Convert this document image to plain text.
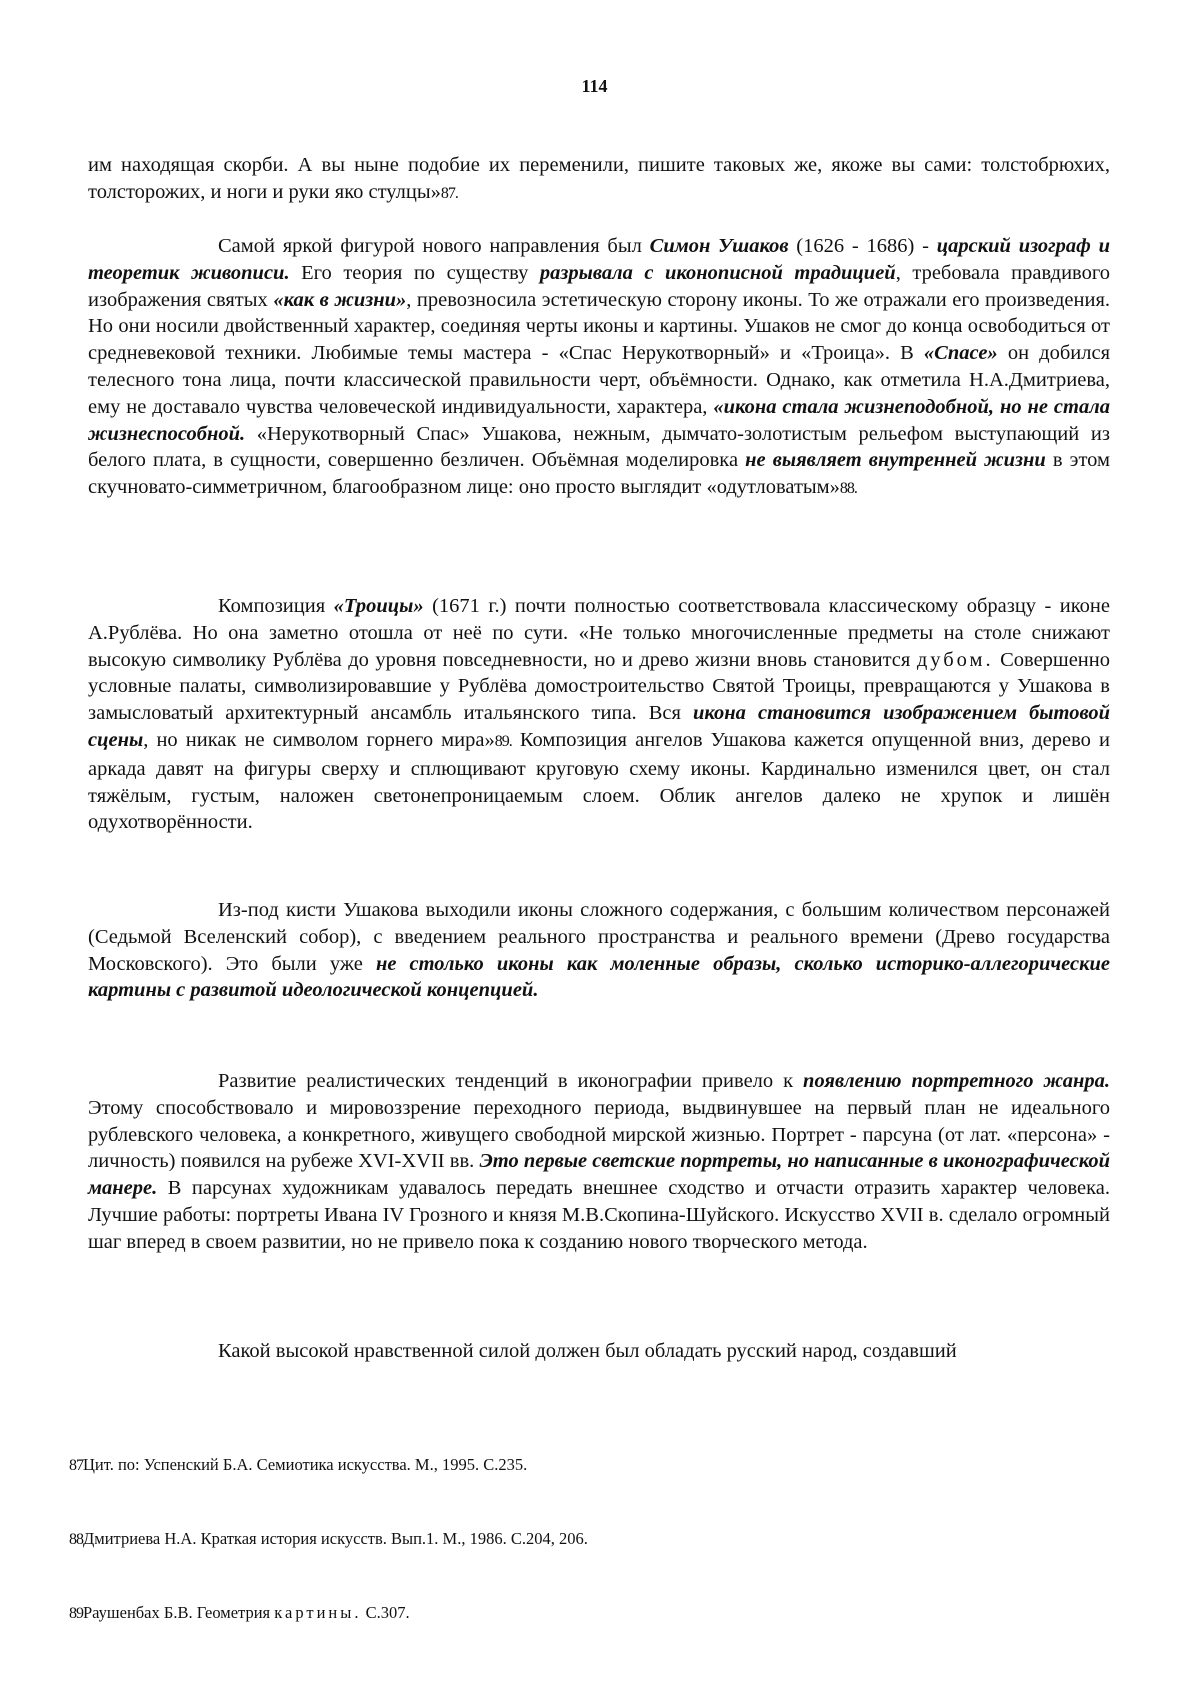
114

им находящая скорби. А вы ныне подобие их переменили, пишите таковых же, якоже вы сами: толстобрюхих, толсторожих, и ноги и руки яко стулцы»87.

Самой яркой фигурой нового направления был Симон Ушаков (1626 - 1686) - царский изограф и теоретик живописи. Его теория по существу разрывала с иконописной традицией, требовала правдивого изображения святых «как в жизни», превозносила эстетическую сторону иконы. То же отражали его произведения. Но они носили двойственный характер, соединяя черты иконы и картины. Ушаков не смог до конца освободиться от средневековой техники. Любимые темы мастера - «Спас Нерукотворный» и «Троица». В «Спасе» он добился телесного тона лица, почти классической правильности черт, объёмности. Однако, как отметила Н.А.Дмитриева, ему не доставало чувства человеческой индивидуальности, характера, «икона стала жизнеподобной, но не стала жизнеспособной. «Нерукотворный Спас» Ушакова, нежным, дымчато-золотистым рельефом выступающий из белого плата, в сущности, совершенно безличен. Объёмная моделировка не выявляет внутренней жизни в этом скучновато-симметричном, благообразном лице: оно просто выглядит «одутловатым»88.

Композиция «Троицы» (1671 г.) почти полностью соответствовала классическому образцу - иконе А.Рублёва. Но она заметно отошла от неё по сути. «Не только многочисленные предметы на столе снижают высокую символику Рублёва до уровня повседневности, но и древо жизни вновь становится дубом. Совершенно условные палаты, символизировавшие у Рублёва домостроительство Святой Троицы, превращаются у Ушакова в замысловатый архитектурный ансамбль итальянского типа. Вся икона становится изображением бытовой сцены, но никак не символом горнего мира»89. Композиция ангелов Ушакова кажется опущенной вниз, дерево и аркада давят на фигуры сверху и сплющивают круговую схему иконы. Кардинально изменился цвет, он стал тяжёлым, густым, наложен светонепроницаемым слоем. Облик ангелов далеко не хрупок и лишён одухотворённости.

Из-под кисти Ушакова выходили иконы сложного содержания, с большим количеством персонажей (Седьмой Вселенский собор), с введением реального пространства и реального времени (Древо государства Московского). Это были уже не столько иконы как моленные образы, сколько историко-аллегорические картины с развитой идеологической концепцией.

Развитие реалистических тенденций в иконографии привело к появлению портретного жанра. Этому способствовало и мировоззрение переходного периода, выдвинувшее на первый план не идеального рублевского человека, а конкретного, живущего свободной мирской жизнью. Портрет - парсуна (от лат. «персона» - личность) появился на рубеже XVI-XVII вв. Это первые светские портреты, но написанные в иконографической манере. В парсунах художникам удавалось передать внешнее сходство и отчасти отразить характер человека. Лучшие работы: портреты Ивана IV Грозного и князя М.В.Скопина-Шуйского. Искусство XVII в. сделало огромный шаг вперед в своем развитии, но не привело пока к созданию нового творческого метода.

Какой высокой нравственной силой должен был обладать русский народ, создавший

87Цит. по: Успенский Б.А. Семиотика искусства. М., 1995. С.235.
88Дмитриева Н.А. Краткая история искусств. Вып.1. М., 1986. С.204, 206.
89Раушенбах Б.В. Геометрия картины. С.307.
